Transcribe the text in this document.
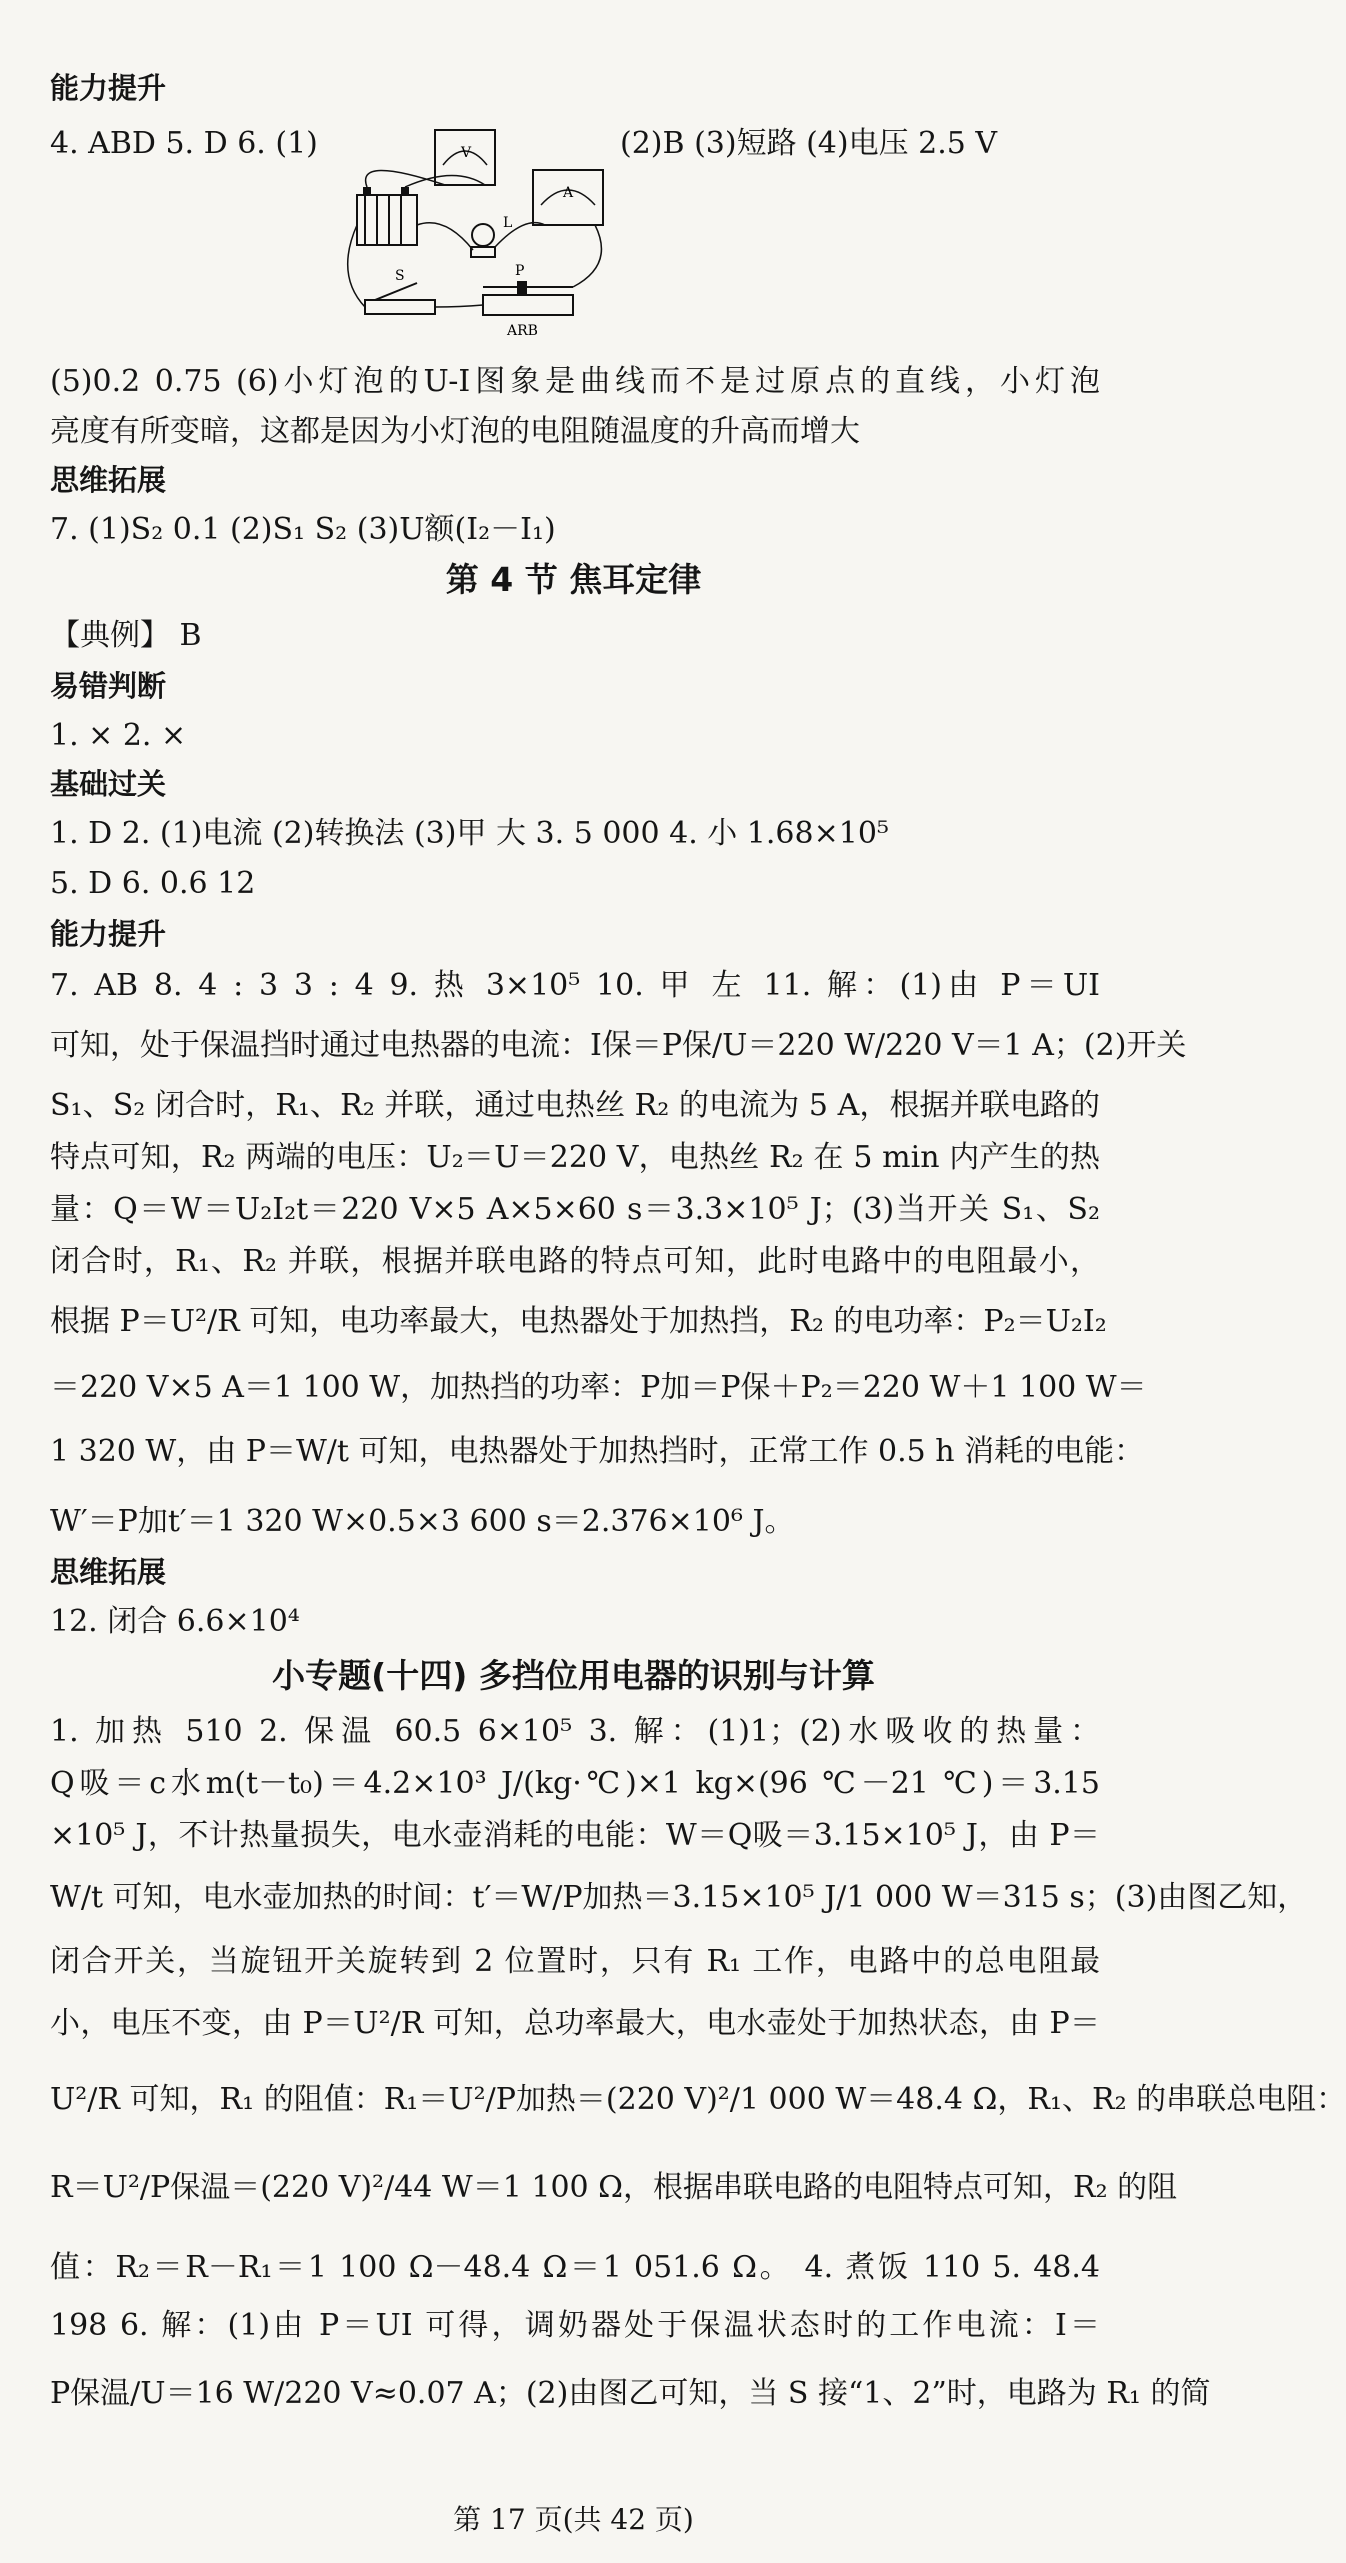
能力提升
4. ABD 5. D 6. (1)	(2)B (3)短路 (4)电压 2.5 V
(5)0.2 0.75 (6)小灯泡的U-I图象是曲线而不是过原点的直线，小灯泡
亮度有所变暗，这都是因为小灯泡的电阻随温度的升高而增大
思维拓展
7. (1)S₂ 0.1 (2)S₁ S₂ (3)U额(I₂－I₁)
第 4 节 焦耳定律
【典例】 B
易错判断
1. × 2. ×
基础过关
1. D 2. (1)电流 (2)转换法 (3)甲 大 3. 5 000 4. 小 1.68×10⁵
5. D 6. 0.6 12
能力提升
7. AB 8. 4 : 3 3 : 4 9. 热 3×10⁵ 10. 甲 左 11. 解：(1)由 P＝UI
可知，处于保温挡时通过电热器的电流：I保＝P保/U＝220 W/220 V＝1 A；(2)开关
S₁、S₂ 闭合时，R₁、R₂ 并联，通过电热丝 R₂ 的电流为 5 A，根据并联电路的
特点可知，R₂ 两端的电压：U₂＝U＝220 V，电热丝 R₂ 在 5 min 内产生的热
量：Q＝W＝U₂I₂t＝220 V×5 A×5×60 s＝3.3×10⁵ J；(3)当开关 S₁、S₂
闭合时，R₁、R₂ 并联，根据并联电路的特点可知，此时电路中的电阻最小，
根据 P＝U²/R 可知，电功率最大，电热器处于加热挡，R₂ 的电功率：P₂＝U₂I₂
＝220 V×5 A＝1 100 W，加热挡的功率：P加＝P保＋P₂＝220 W＋1 100 W＝
1 320 W，由 P＝W/t 可知，电热器处于加热挡时，正常工作 0.5 h 消耗的电能：
W′＝P加t′＝1 320 W×0.5×3 600 s＝2.376×10⁶ J。
思维拓展
12. 闭合 6.6×10⁴
小专题(十四) 多挡位用电器的识别与计算
1. 加热 510 2. 保温 60.5 6×10⁵ 3. 解：(1)1；(2)水吸收的热量：
Q吸＝c水m(t－t₀)＝4.2×10³ J/(kg·℃)×1 kg×(96 ℃－21 ℃)＝3.15
×10⁵ J，不计热量损失，电水壶消耗的电能：W＝Q吸＝3.15×10⁵ J，由 P＝
W/t 可知，电水壶加热的时间：t′＝W/P加热＝3.15×10⁵ J/1 000 W＝315 s；(3)由图乙知，
闭合开关，当旋钮开关旋转到 2 位置时，只有 R₁ 工作，电路中的总电阻最
小，电压不变，由 P＝U²/R 可知，总功率最大，电水壶处于加热状态，由 P＝
U²/R 可知，R₁ 的阻值：R₁＝U²/P加热＝(220 V)²/1 000 W＝48.4 Ω，R₁、R₂ 的串联总电阻：
R＝U²/P保温＝(220 V)²/44 W＝1 100 Ω，根据串联电路的电阻特点可知，R₂ 的阻
值：R₂＝R－R₁＝1 100 Ω－48.4 Ω＝1 051.6 Ω。 4. 煮饭 110 5. 48.4
198 6. 解：(1)由 P＝UI 可得，调奶器处于保温状态时的工作电流：I＝
P保温/U＝16 W/220 V≈0.07 A；(2)由图乙可知，当 S 接“1、2”时，电路为 R₁ 的简
V
A
L
S	P
ARB
第 17 页(共 42 页)
